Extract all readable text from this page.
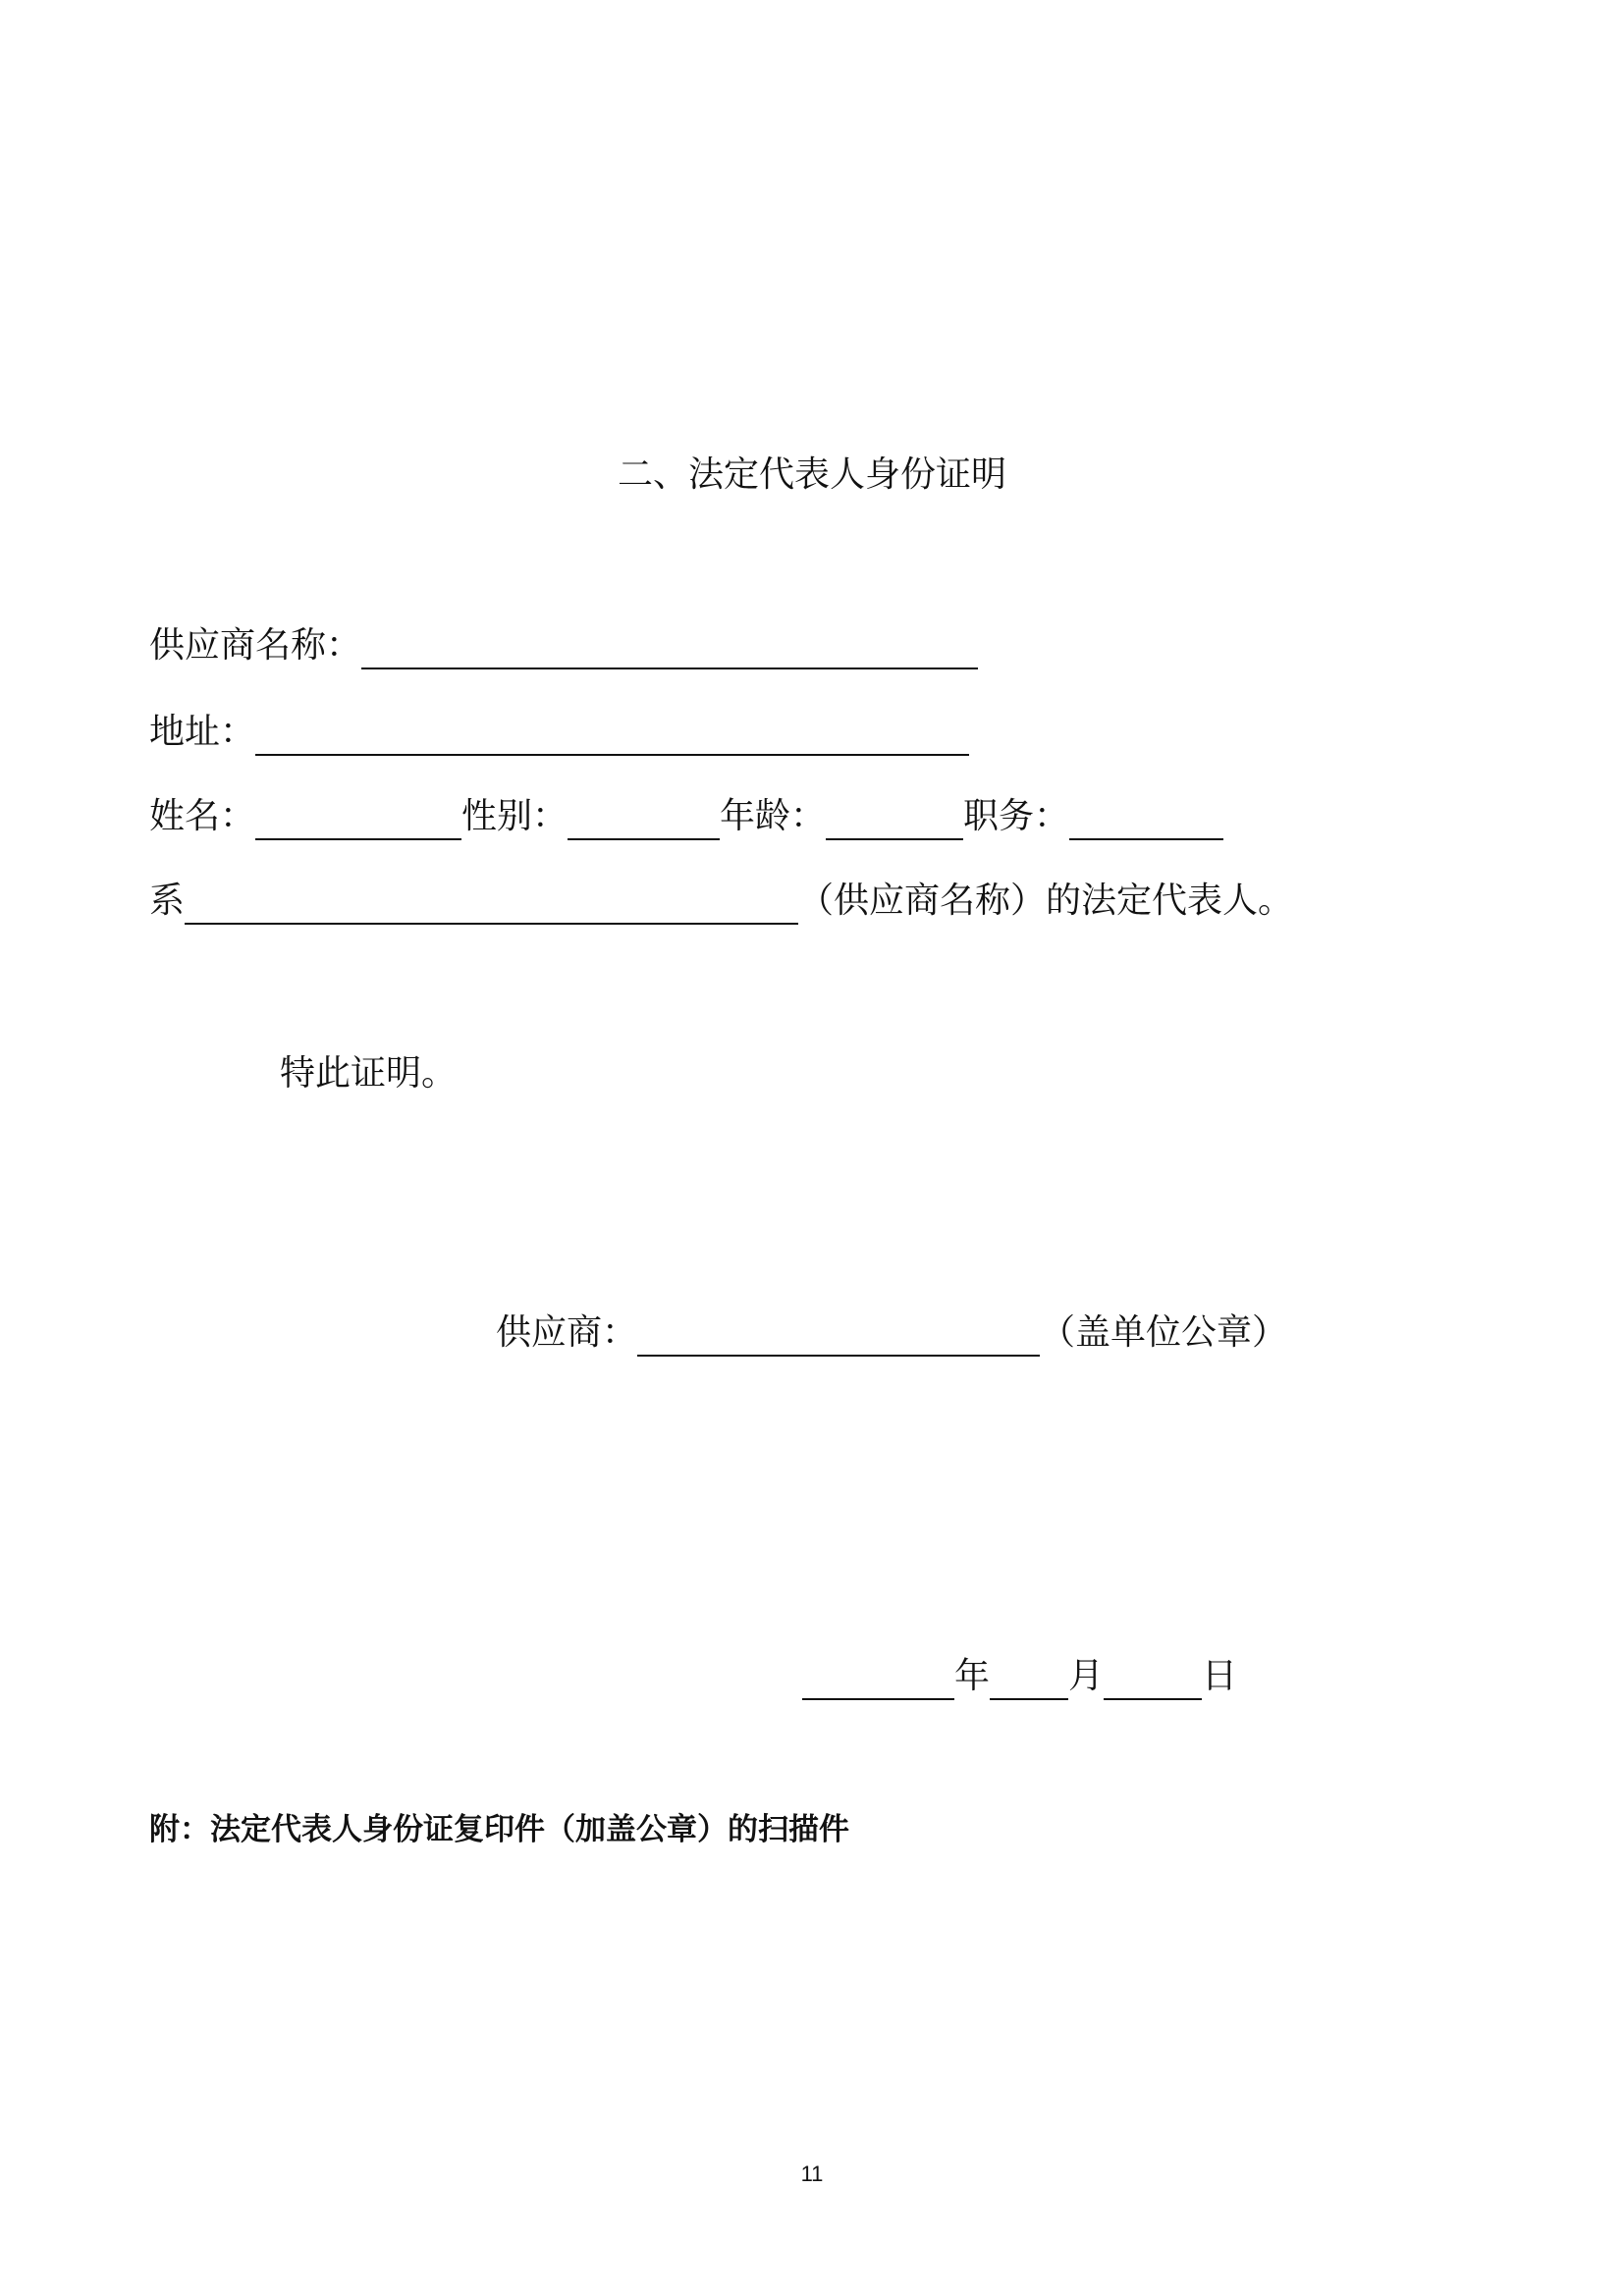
二、法定代表人身份证明
供应商名称：
地址：
姓名：	性别：	年龄：	职务：
系	（供应商名称）的法定代表人。
特此证明。
供应商：	（盖单位公章）
年 月	日
附：法定代表人身份证复印件（加盖公章）的扫描件
11
